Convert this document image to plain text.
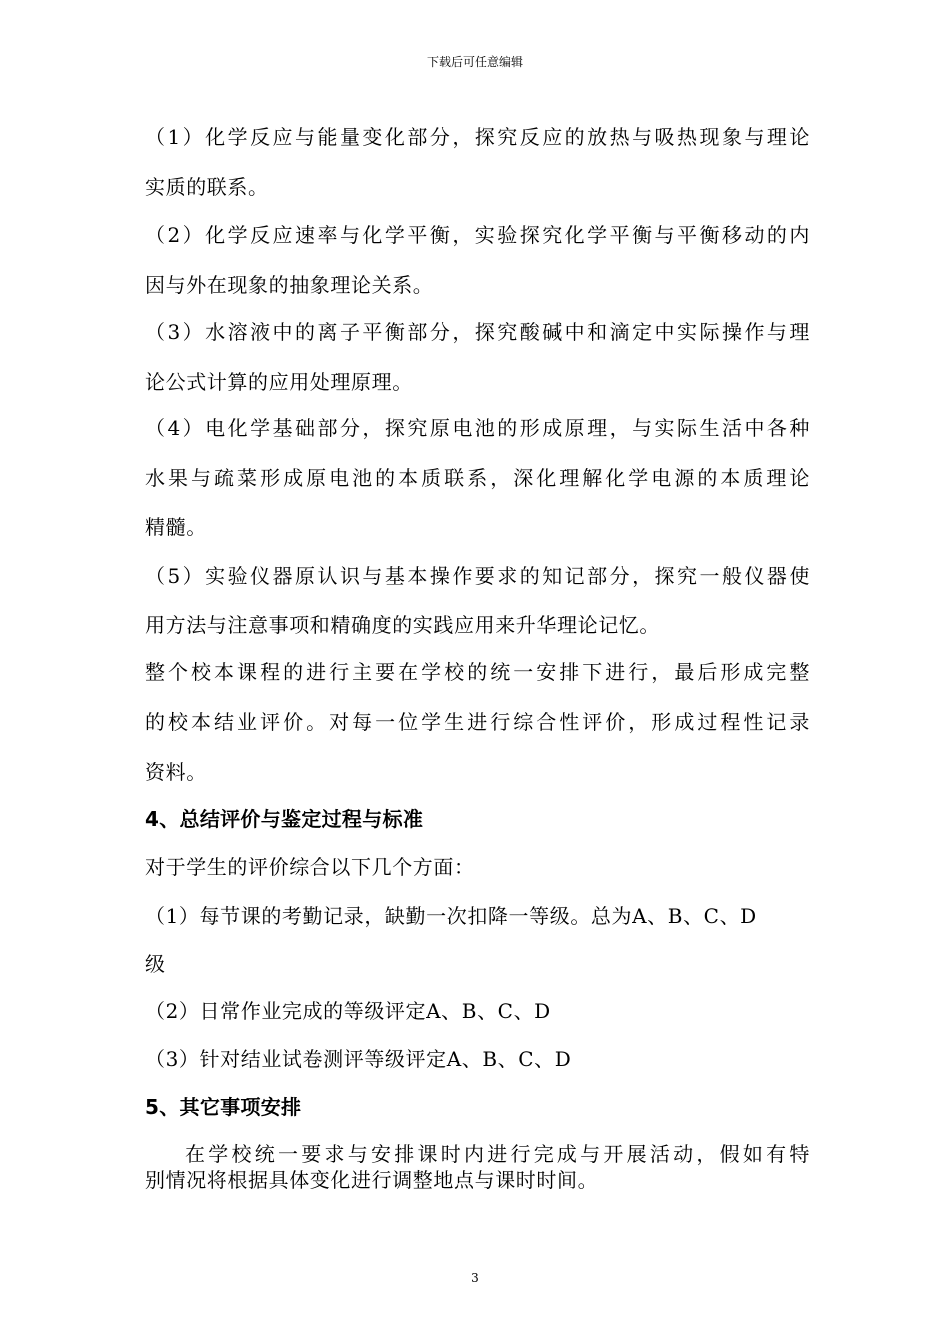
下载后可任意编辑
（1）化学反应与能量变化部分，探究反应的放热与吸热现象与理论
实质的联系。
（2）化学反应速率与化学平衡，实验探究化学平衡与平衡移动的内
因与外在现象的抽象理论关系。
（3）水溶液中的离子平衡部分，探究酸碱中和滴定中实际操作与理
论公式计算的应用处理原理。
（4）电化学基础部分，探究原电池的形成原理，与实际生活中各种
水果与疏菜形成原电池的本质联系，深化理解化学电源的本质理论
精髓。
（5）实验仪器原认识与基本操作要求的知记部分，探究一般仪器使
用方法与注意事项和精确度的实践应用来升华理论记忆。
整个校本课程的进行主要在学校的统一安排下进行，最后形成完整
的校本结业评价。对每一位学生进行综合性评价，形成过程性记录
资料。
4、总结评价与鉴定过程与标准
对于学生的评价综合以下几个方面：
（1）每节课的考勤记录，缺勤一次扣降一等级。总为A、B、C、D
级
（2）日常作业完成的等级评定A、B、C、D
（3）针对结业试卷测评等级评定A、B、C、D
5、其它事项安排
在学校统一要求与安排课时内进行完成与开展活动，假如有特
别情况将根据具体变化进行调整地点与课时时间。
3
